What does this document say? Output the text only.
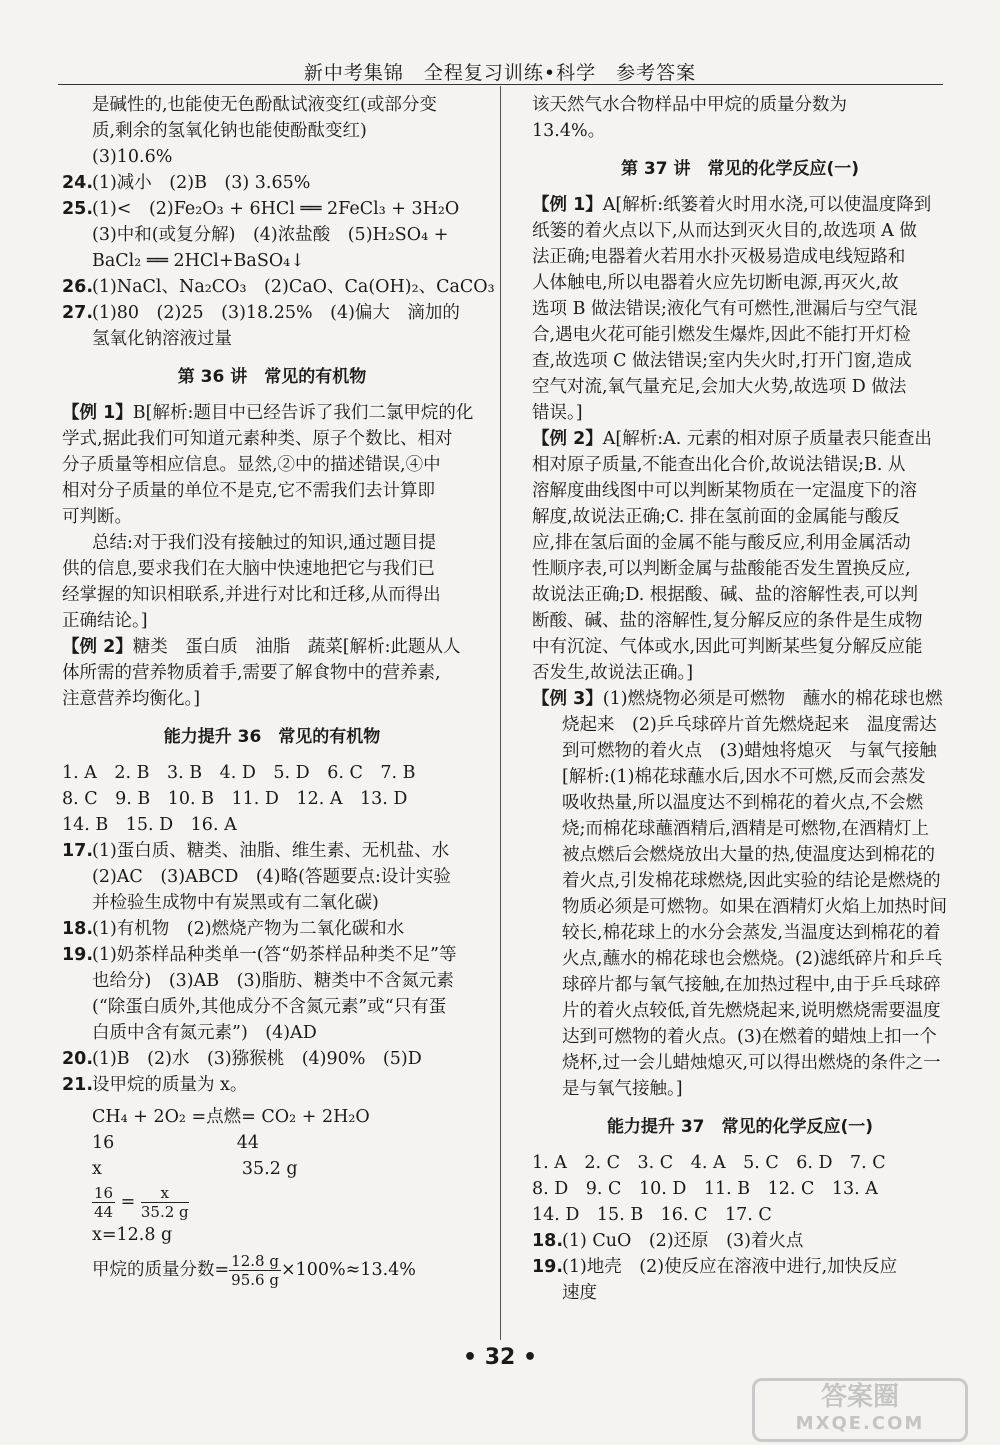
新中考集锦　全程复习训练•科学　参考答案
是碱性的,也能使无色酚酞试液变红(或部分变
质,剩余的氢氧化钠也能使酚酞变红)
(3)10.6%
24.(1)减小　(2)B　(3) 3.65%
25.(1)<　(2)Fe₂O₃ + 6HCl ══ 2FeCl₃ + 3H₂O
(3)中和(或复分解)　(4)浓盐酸　(5)H₂SO₄ +
BaCl₂ ══ 2HCl+BaSO₄↓
26.(1)NaCl、Na₂CO₃　(2)CaO、Ca(OH)₂、CaCO₃
27.(1)80　(2)25　(3)18.25%　(4)偏大　滴加的
氢氧化钠溶液过量
第 36 讲　常见的有机物
【例 1】B[解析:题目中已经告诉了我们二氯甲烷的化
学式,据此我们可知道元素种类、原子个数比、相对
分子质量等相应信息。显然,②中的描述错误,④中
相对分子质量的单位不是克,它不需我们去计算即
可判断。
总结:对于我们没有接触过的知识,通过题目提
供的信息,要求我们在大脑中快速地把它与我们已
经掌握的知识相联系,并进行对比和迁移,从而得出
正确结论。]
【例 2】糖类　蛋白质　油脂　蔬菜[解析:此题从人
体所需的营养物质着手,需要了解食物中的营养素,
注意营养均衡化。]
能力提升 36　常见的有机物
1. A　2. B　3. B　4. D　5. D　6. C　7. B
8. C　9. B　10. B　11. D　12. A　13. D
14. B　15. D　16. A
17.(1)蛋白质、糖类、油脂、维生素、无机盐、水
(2)AC　(3)ABCD　(4)略(答题要点:设计实验
并检验生成物中有炭黑或有二氧化碳)
18.(1)有机物　(2)燃烧产物为二氧化碳和水
19.(1)奶茶样品种类单一(答“奶茶样品种类不足”等
也给分)　(3)AB　(3)脂肪、糖类中不含氮元素
(“除蛋白质外,其他成分不含氮元素”或“只有蛋
白质中含有氮元素”)　(4)AD
20.(1)B　(2)水　(3)猕猴桃　(4)90%　(5)D
21.设甲烷的质量为 x。
CH₄ + 2O₂ =点燃= CO₂ + 2H₂O
16　　　　　　　44
x　　　　　　　　35.2 g
$\frac{16}{44} = \frac{x}{35.2 g}$
x=12.8 g
甲烷的质量分数= $\frac{12.8 g}{95.6 g} \times 100\%\approx 13.4\%$
该天然气水合物样品中甲烷的质量分数为
13.4%。
第 37 讲　常见的化学反应(一)
【例 1】A[解析:纸篓着火时用水浇,可以使温度降到
纸篓的着火点以下,从而达到灭火目的,故选项 A 做
法正确;电器着火若用水扑灭极易造成电线短路和
人体触电,所以电器着火应先切断电源,再灭火,故
选项 B 做法错误;液化气有可燃性,泄漏后与空气混
合,遇电火花可能引燃发生爆炸,因此不能打开灯检
查,故选项 C 做法错误;室内失火时,打开门窗,造成
空气对流,氧气量充足,会加大火势,故选项 D 做法
错误。]
【例 2】A[解析:A. 元素的相对原子质量表只能查出
相对原子质量,不能查出化合价,故说法错误;B. 从
溶解度曲线图中可以判断某物质在一定温度下的溶
解度,故说法正确;C. 排在氢前面的金属能与酸反
应,排在氢后面的金属不能与酸反应,利用金属活动
性顺序表,可以判断金属与盐酸能否发生置换反应,
故说法正确;D. 根据酸、碱、盐的溶解性表,可以判
断酸、碱、盐的溶解性,复分解反应的条件是生成物
中有沉淀、气体或水,因此可判断某些复分解反应能
否发生,故说法正确。]
【例 3】(1)燃烧物必须是可燃物　蘸水的棉花球也燃
烧起来　(2)乒乓球碎片首先燃烧起来　温度需达
到可燃物的着火点　(3)蜡烛将熄灭　与氧气接触
[解析:(1)棉花球蘸水后,因水不可燃,反而会蒸发
吸收热量,所以温度达不到棉花的着火点,不会燃
烧;而棉花球蘸酒精后,酒精是可燃物,在酒精灯上
被点燃后会燃烧放出大量的热,使温度达到棉花的
着火点,引发棉花球燃烧,因此实验的结论是燃烧的
物质必须是可燃物。如果在酒精灯火焰上加热时间
较长,棉花球上的水分会蒸发,当温度达到棉花的着
火点,蘸水的棉花球也会燃烧。(2)滤纸碎片和乒乓
球碎片都与氧气接触,在加热过程中,由于乒乓球碎
片的着火点较低,首先燃烧起来,说明燃烧需要温度
达到可燃物的着火点。(3)在燃着的蜡烛上扣一个
烧杯,过一会儿蜡烛熄灭,可以得出燃烧的条件之一
是与氧气接触。]
能力提升 37　常见的化学反应(一)
1. A　2. C　3. C　4. A　5. C　6. D　7. C
8. D　9. C　10. D　11. B　12. C　13. A
14. D　15. B　16. C　17. C
18.(1) CuO　(2)还原　(3)着火点
19.(1)地壳　(2)使反应在溶液中进行,加快反应
速度
• 32 •
答案圈
MXQE.COM
